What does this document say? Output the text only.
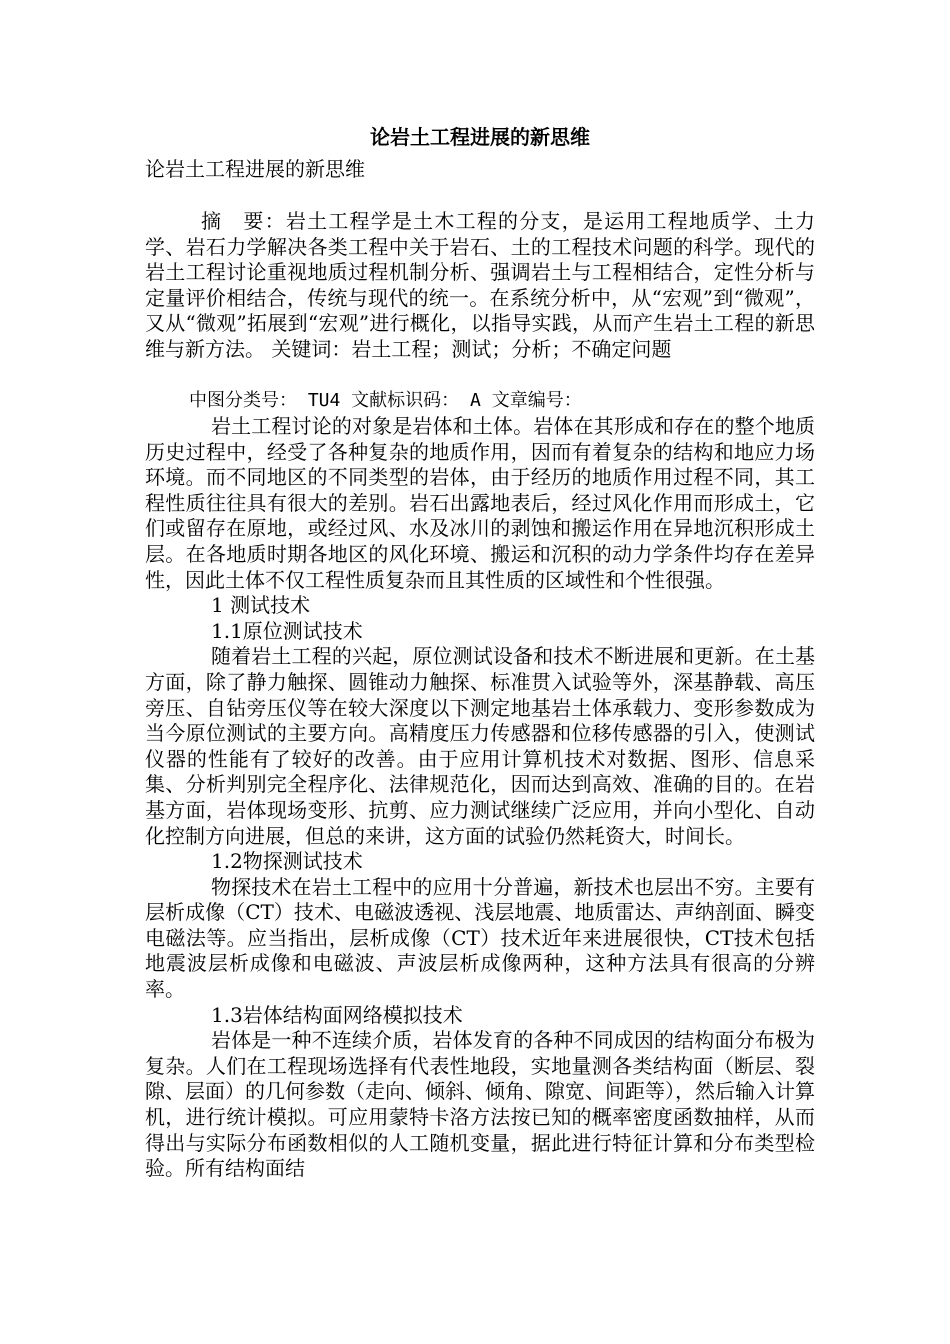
论岩土工程进展的新思维

论岩土工程进展的新思维

摘　要：岩土工程学是土木工程的分支，是运用工程地质学、土力学、岩石力学解决各类工程中关于岩石、土的工程技术问题的科学。现代的岩土工程讨论重视地质过程机制分析、强调岩土与工程相结合，定性分析与定量评价相结合，传统与现代的统一。在系统分析中，从“宏观”到“微观”，又从“微观”拓展到“宏观”进行概化，以指导实践，从而产生岩土工程的新思维与新方法。 关键词：岩土工程；测试；分析；不确定问题

中图分类号： TU4 文献标识码： A 文章编号：

岩土工程讨论的对象是岩体和土体。岩体在其形成和存在的整个地质历史过程中，经受了各种复杂的地质作用，因而有着复杂的结构和地应力场环境。而不同地区的不同类型的岩体，由于经历的地质作用过程不同，其工程性质往往具有很大的差别。岩石出露地表后，经过风化作用而形成土，它们或留存在原地，或经过风、水及冰川的剥蚀和搬运作用在异地沉积形成土层。在各地质时期各地区的风化环境、搬运和沉积的动力学条件均存在差异性，因此土体不仅工程性质复杂而且其性质的区域性和个性很强。

1 测试技术

1.1原位测试技术

随着岩土工程的兴起，原位测试设备和技术不断进展和更新。在土基方面，除了静力触探、圆锥动力触探、标准贯入试验等外，深基静载、高压旁压、自钻旁压仪等在较大深度以下测定地基岩土体承载力、变形参数成为当今原位测试的主要方向。高精度压力传感器和位移传感器的引入，使测试仪器的性能有了较好的改善。由于应用计算机技术对数据、图形、信息采集、分析判别完全程序化、法律规范化，因而达到高效、准确的目的。在岩基方面，岩体现场变形、抗剪、应力测试继续广泛应用，并向小型化、自动化控制方向进展，但总的来讲，这方面的试验仍然耗资大，时间长。

1.2物探测试技术

物探技术在岩土工程中的应用十分普遍，新技术也层出不穷。主要有层析成像（CT）技术、电磁波透视、浅层地震、地质雷达、声纳剖面、瞬变电磁法等。应当指出，层析成像（CT）技术近年来进展很快，CT技术包括地震波层析成像和电磁波、声波层析成像两种，这种方法具有很高的分辨率。

1.3岩体结构面网络模拟技术

岩体是一种不连续介质，岩体发育的各种不同成因的结构面分布极为复杂。人们在工程现场选择有代表性地段，实地量测各类结构面（断层、裂隙、层面）的几何参数（走向、倾斜、倾角、隙宽、间距等），然后输入计算机，进行统计模拟。可应用蒙特卡洛方法按已知的概率密度函数抽样，从而得出与实际分布函数相似的人工随机变量，据此进行特征计算和分布类型检验。所有结构面结
